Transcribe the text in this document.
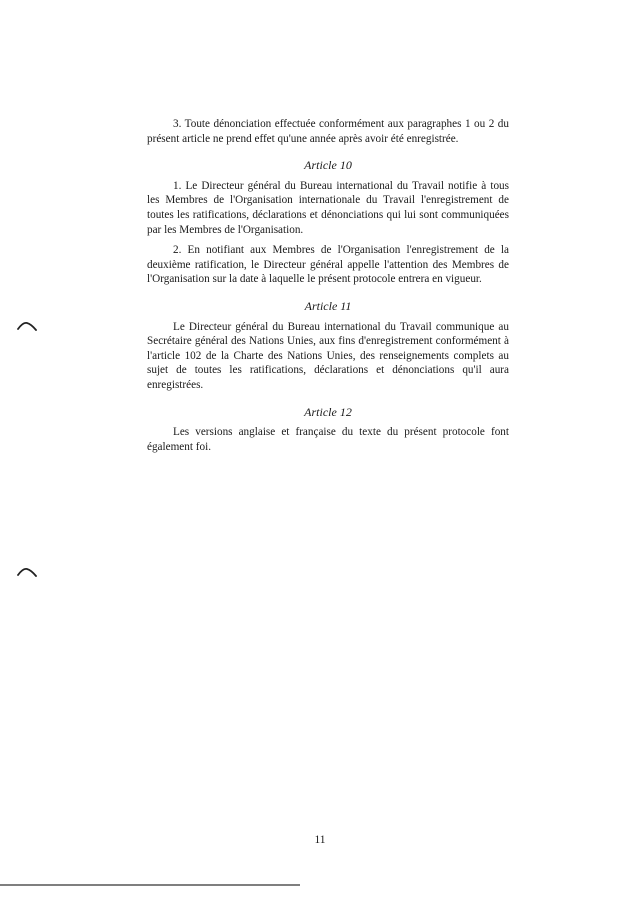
3. Toute dénonciation effectuée conformément aux paragraphes 1 ou 2 du présent article ne prend effet qu'une année après avoir été enregistrée.

Article 10

1. Le Directeur général du Bureau international du Travail notifie à tous les Membres de l'Organisation internationale du Travail l'enregistrement de toutes les ratifications, déclarations et dénonciations qui lui sont communiquées par les Membres de l'Organisation.

2. En notifiant aux Membres de l'Organisation l'enregistrement de la deuxième ratification, le Directeur général appelle l'attention des Membres de l'Organisation sur la date à laquelle le présent protocole entrera en vigueur.

Article 11

Le Directeur général du Bureau international du Travail communique au Secrétaire général des Nations Unies, aux fins d'enregistrement conformément à l'article 102 de la Charte des Nations Unies, des renseignements complets au sujet de toutes les ratifications, déclarations et dénonciations qu'il aura enregistrées.

Article 12

Les versions anglaise et française du texte du présent protocole font également foi.

11
